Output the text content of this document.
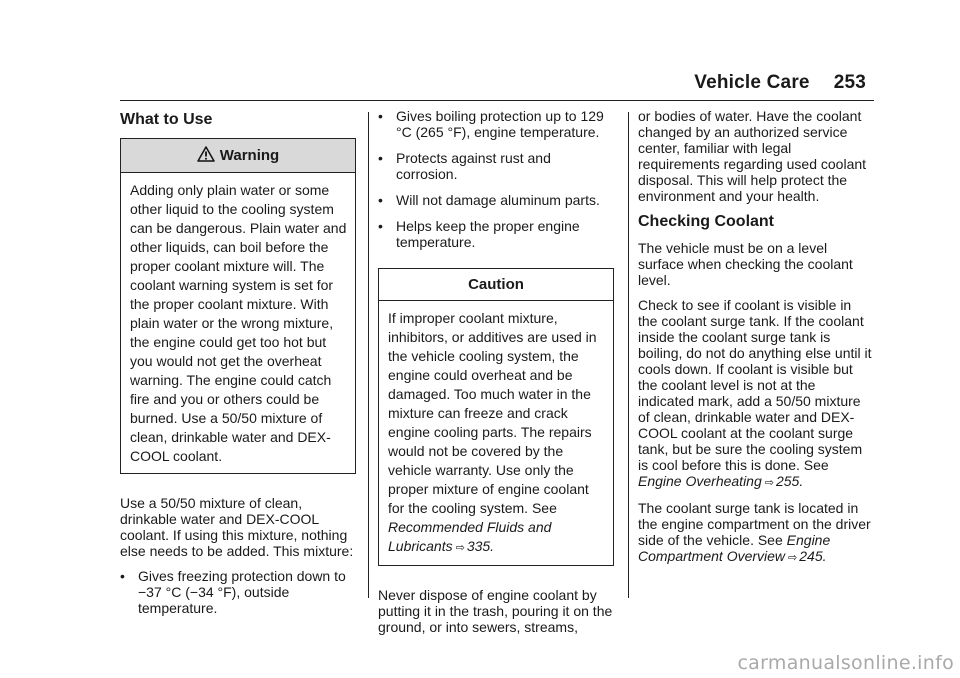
Vehicle Care 253
What to Use
Warning
Adding only plain water or some other liquid to the cooling system can be dangerous. Plain water and other liquids, can boil before the proper coolant mixture will. The coolant warning system is set for the proper coolant mixture. With plain water or the wrong mixture, the engine could get too hot but you would not get the overheat warning. The engine could catch fire and you or others could be burned. Use a 50/50 mixture of clean, drinkable water and DEX-COOL coolant.

Use a 50/50 mixture of clean, drinkable water and DEX-COOL coolant. If using this mixture, nothing else needs to be added. This mixture:

• Gives freezing protection down to −37 °C (−34 °F), outside temperature.
• Gives boiling protection up to 129 °C (265 °F), engine temperature.
• Protects against rust and corrosion.
• Will not damage aluminum parts.
• Helps keep the proper engine temperature.
Caution
If improper coolant mixture, inhibitors, or additives are used in the vehicle cooling system, the engine could overheat and be damaged. Too much water in the mixture can freeze and crack engine cooling parts. The repairs would not be covered by the vehicle warranty. Use only the proper mixture of engine coolant for the cooling system. See Recommended Fluids and Lubricants ⇨ 335.

Never dispose of engine coolant by putting it in the trash, pouring it on the ground, or into sewers, streams,

or bodies of water. Have the coolant changed by an authorized service center, familiar with legal requirements regarding used coolant disposal. This will help protect the environment and your health.

Checking Coolant

The vehicle must be on a level surface when checking the coolant level.

Check to see if coolant is visible in the coolant surge tank. If the coolant inside the coolant surge tank is boiling, do not do anything else until it cools down. If coolant is visible but the coolant level is not at the indicated mark, add a 50/50 mixture of clean, drinkable water and DEX-COOL coolant at the coolant surge tank, but be sure the cooling system is cool before this is done. See Engine Overheating ⇨ 255.

The coolant surge tank is located in the engine compartment on the driver side of the vehicle. See Engine Compartment Overview ⇨ 245.

carmanualsonline.info
